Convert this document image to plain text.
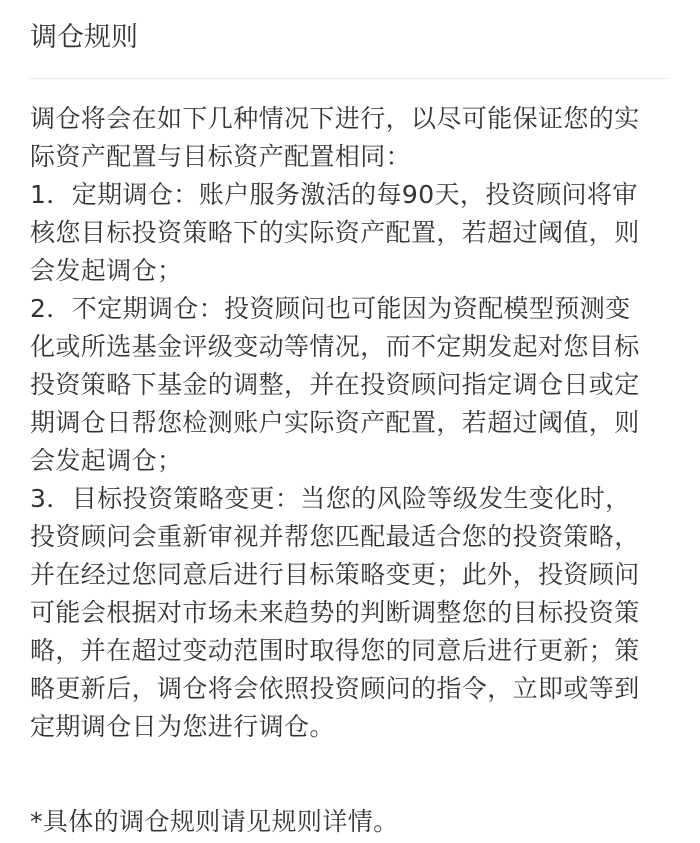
调仓规则
调仓将会在如下几种情况下进行，以尽可能保证您的实
际资产配置与目标资产配置相同：
1．定期调仓：账户服务激活的每90天，投资顾问将审
核您目标投资策略下的实际资产配置，若超过阈值，则
会发起调仓；
2．不定期调仓：投资顾问也可能因为资配模型预测变
化或所选基金评级变动等情况，而不定期发起对您目标
投资策略下基金的调整，并在投资顾问指定调仓日或定
期调仓日帮您检测账户实际资产配置，若超过阈值，则
会发起调仓；
3．目标投资策略变更：当您的风险等级发生变化时，
投资顾问会重新审视并帮您匹配最适合您的投资策略，
并在经过您同意后进行目标策略变更；此外，投资顾问
可能会根据对市场未来趋势的判断调整您的目标投资策
略，并在超过变动范围时取得您的同意后进行更新；策
略更新后，调仓将会依照投资顾问的指令，立即或等到
定期调仓日为您进行调仓。
*具体的调仓规则请见规则详情。
